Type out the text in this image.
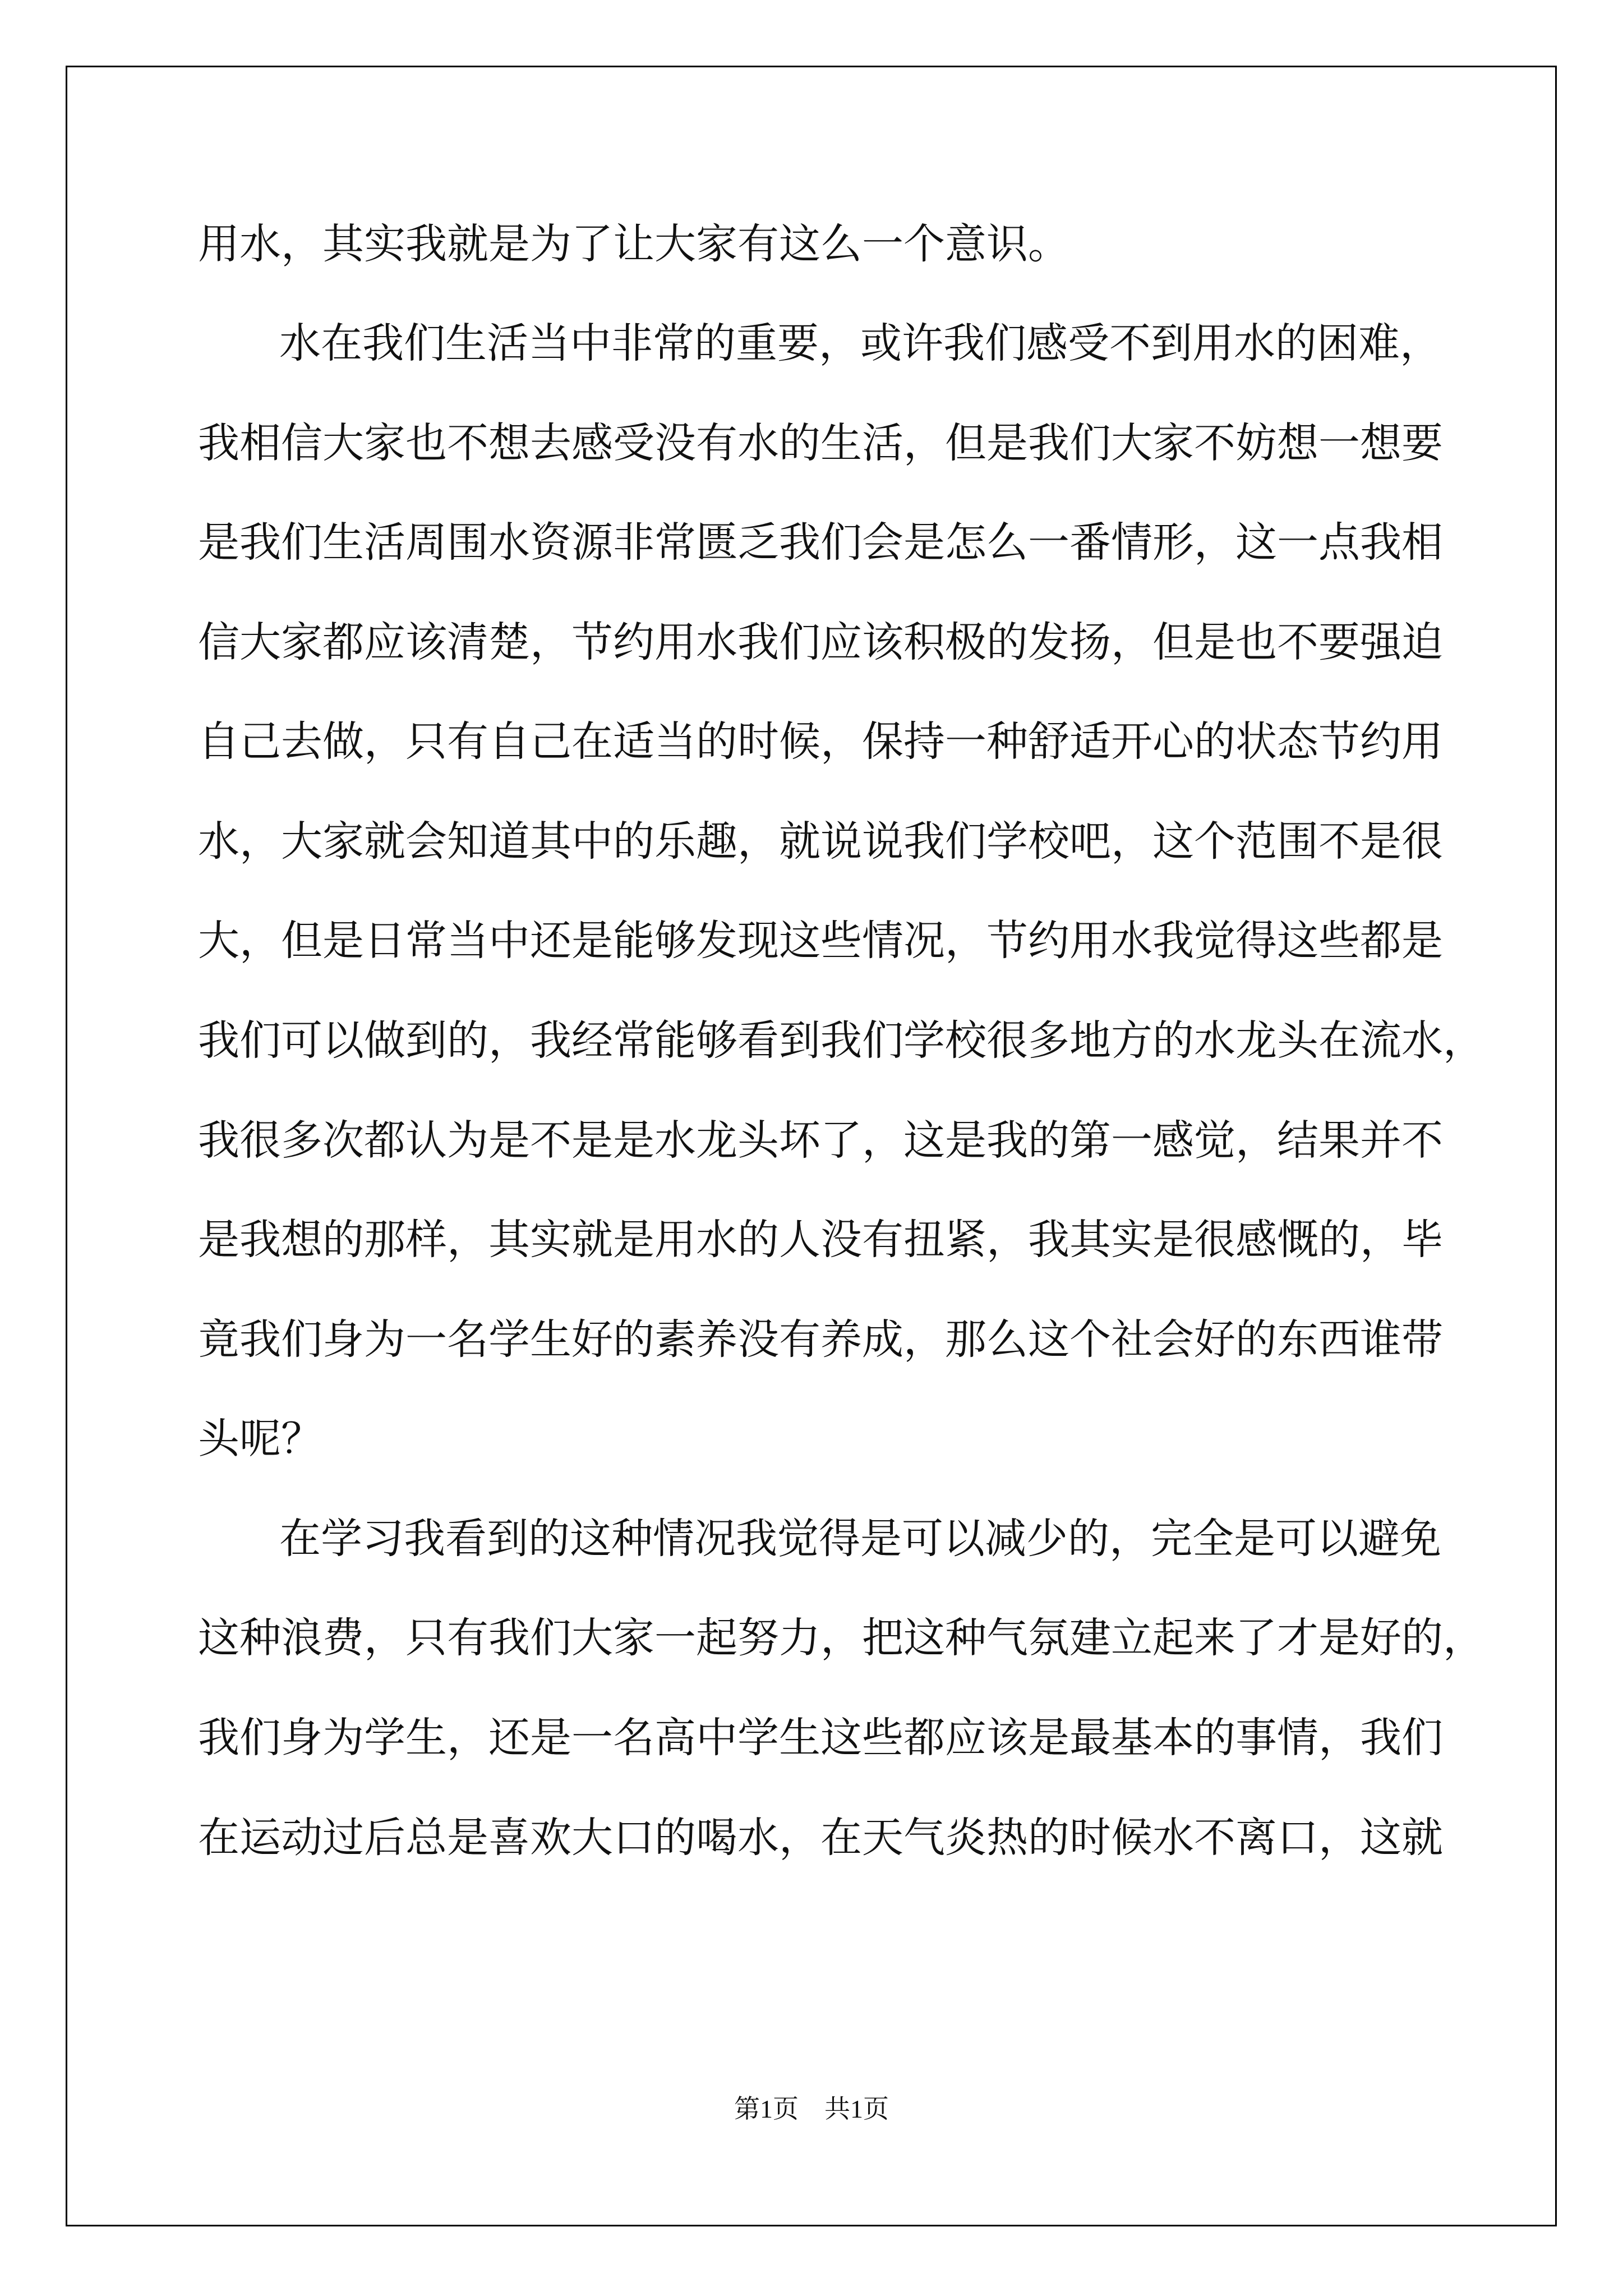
用水，其实我就是为了让大家有这么一个意识。

水在我们生活当中非常的重要，或许我们感受不到用水的困难，

我相信大家也不想去感受没有水的生活，但是我们大家不妨想一想要

是我们生活周围水资源非常匮乏我们会是怎么一番情形，这一点我相

信大家都应该清楚，节约用水我们应该积极的发扬，但是也不要强迫

自己去做，只有自己在适当的时候，保持一种舒适开心的状态节约用

水，大家就会知道其中的乐趣，就说说我们学校吧，这个范围不是很

大，但是日常当中还是能够发现这些情况，节约用水我觉得这些都是

我们可以做到的，我经常能够看到我们学校很多地方的水龙头在流水，

我很多次都认为是不是是水龙头坏了，这是我的第一感觉，结果并不

是我想的那样，其实就是用水的人没有扭紧，我其实是很感慨的，毕

竟我们身为一名学生好的素养没有养成，那么这个社会好的东西谁带

头呢？

在学习我看到的这种情况我觉得是可以减少的，完全是可以避免

这种浪费，只有我们大家一起努力，把这种气氛建立起来了才是好的，

我们身为学生，还是一名高中学生这些都应该是最基本的事情，我们

在运动过后总是喜欢大口的喝水，在天气炎热的时候水不离口，这就

第1页　共1页
